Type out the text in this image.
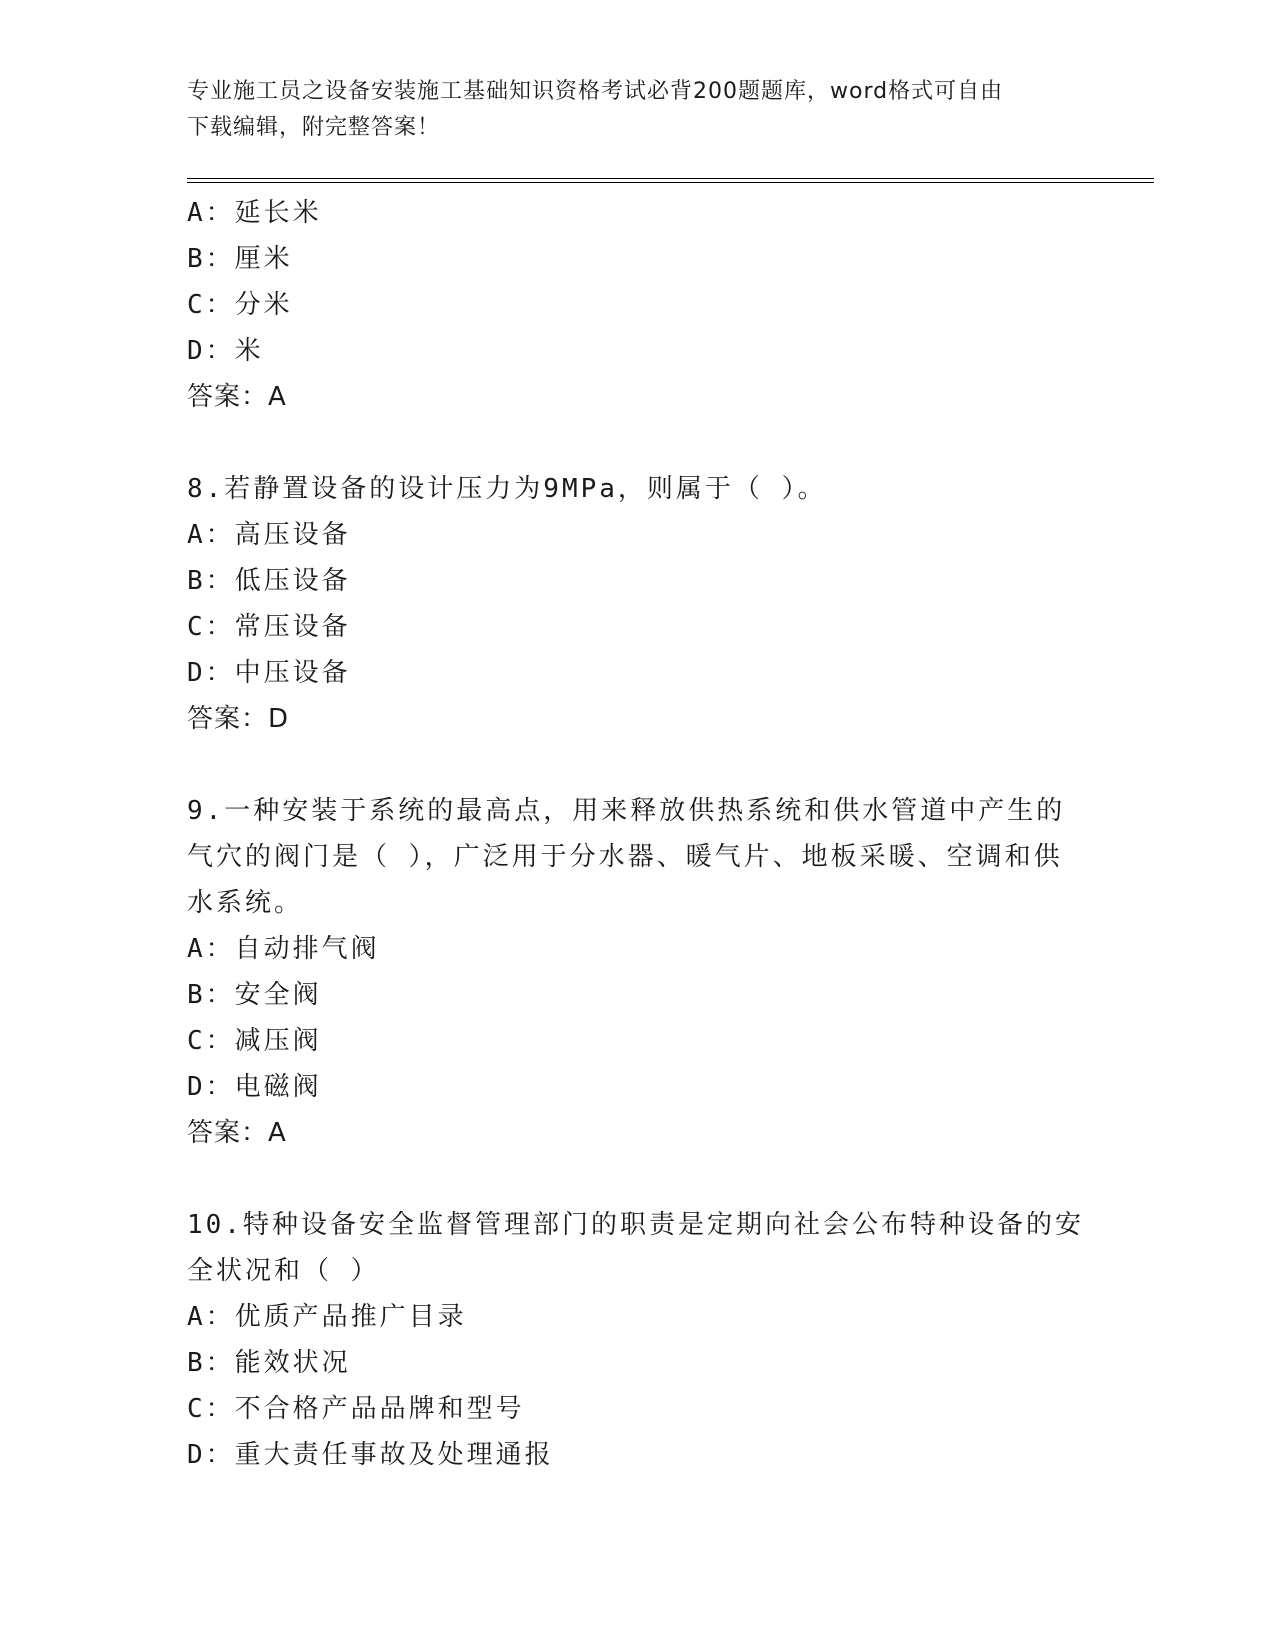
专业施工员之设备安装施工基础知识资格考试必背200题题库，word格式可自由
下载编辑，附完整答案！
A：延长米
B：厘米
C：分米
D：米
答案：A
8.若静置设备的设计压力为9MPa，则属于（ ）。
A：高压设备
B：低压设备
C：常压设备
D：中压设备
答案：D
9.一种安装于系统的最高点，用来释放供热系统和供水管道中产生的
气穴的阀门是（ ），广泛用于分水器、暖气片、地板采暖、空调和供
水系统。
A：自动排气阀
B：安全阀
C：减压阀
D：电磁阀
答案：A
10.特种设备安全监督管理部门的职责是定期向社会公布特种设备的安
全状况和（ ）
A：优质产品推广目录
B：能效状况
C：不合格产品品牌和型号
D：重大责任事故及处理通报
